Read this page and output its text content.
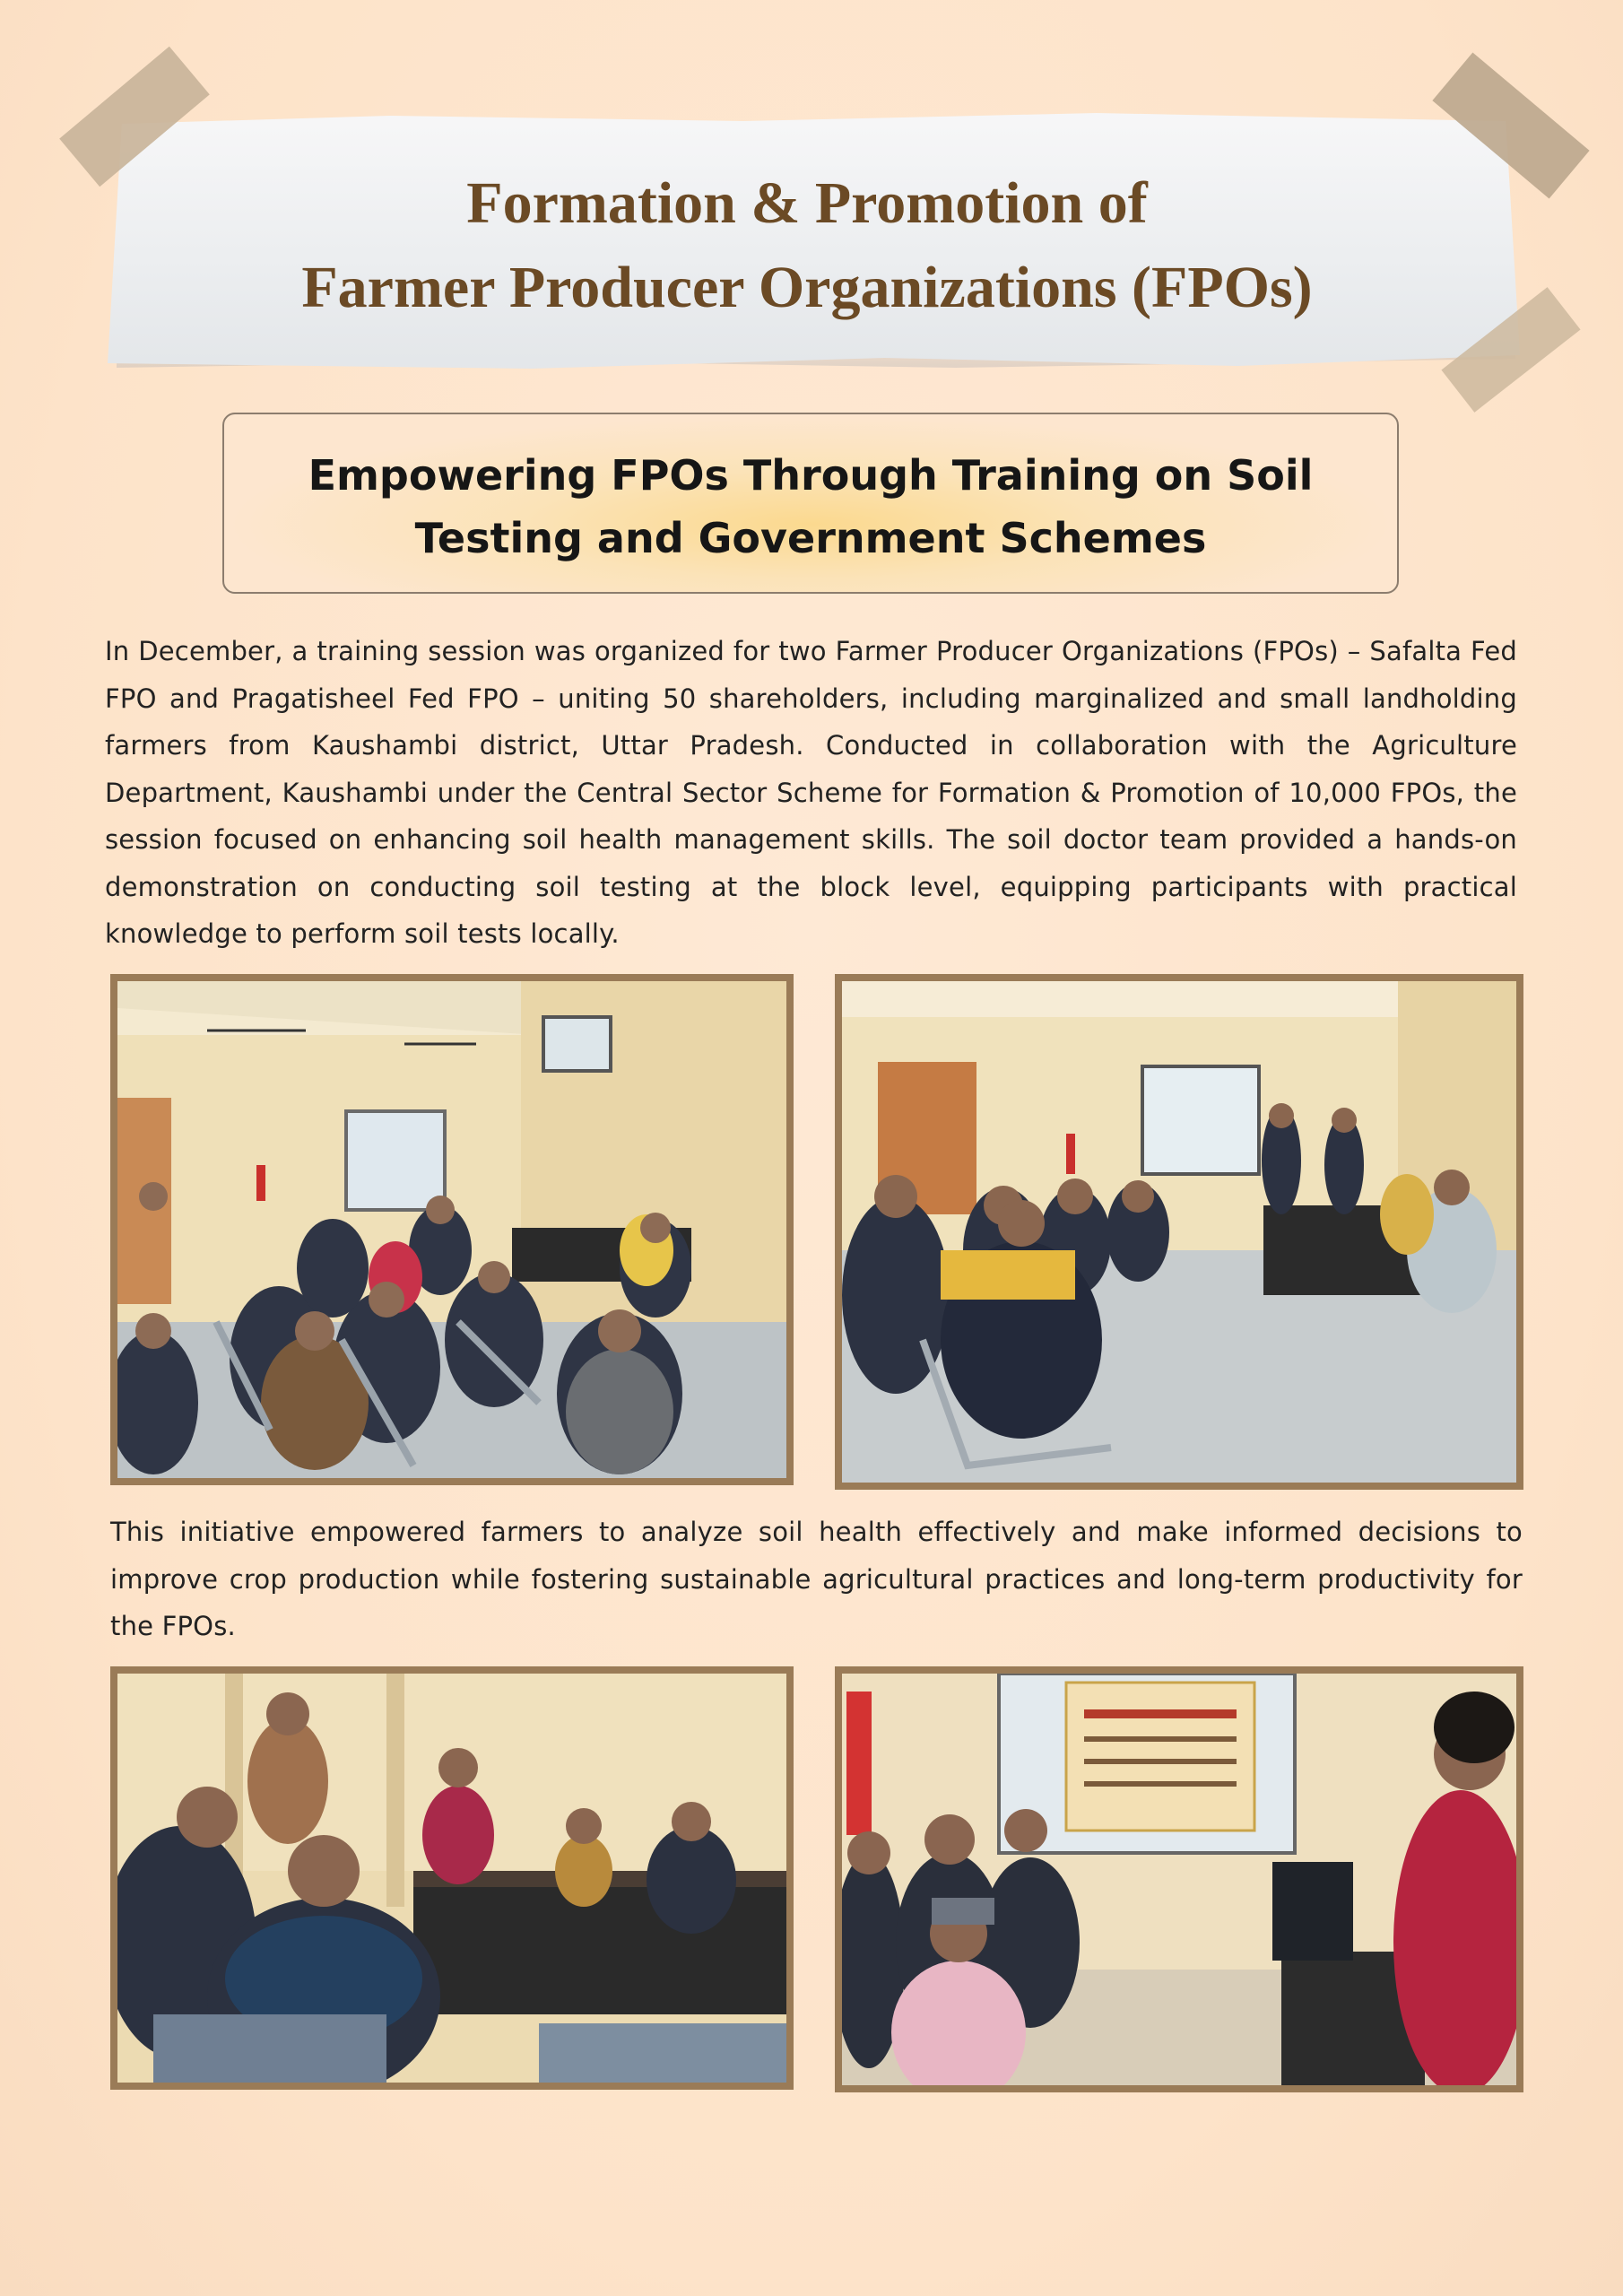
Formation & Promotion of
Farmer Producer Organizations (FPOs)
Empowering FPOs Through Training on Soil
Testing and Government Schemes

In December, a training session was organized for two Farmer Producer Organizations (FPOs) – Safalta Fed FPO and Pragatisheel Fed FPO – uniting 50 shareholders, including marginalized and small landholding farmers from Kaushambi district, Uttar Pradesh. Conducted in collaboration with the Agriculture Department, Kaushambi under the Central Sector Scheme for Formation & Promotion of 10,000 FPOs, the session focused on enhancing soil health management skills. The soil doctor team provided a hands-on demonstration on conducting soil testing at the block level, equipping participants with practical knowledge to perform soil tests locally.

This initiative empowered farmers to analyze soil health effectively and make informed decisions to improve crop production while fostering sustainable agricultural practices and long-term productivity for the FPOs.
